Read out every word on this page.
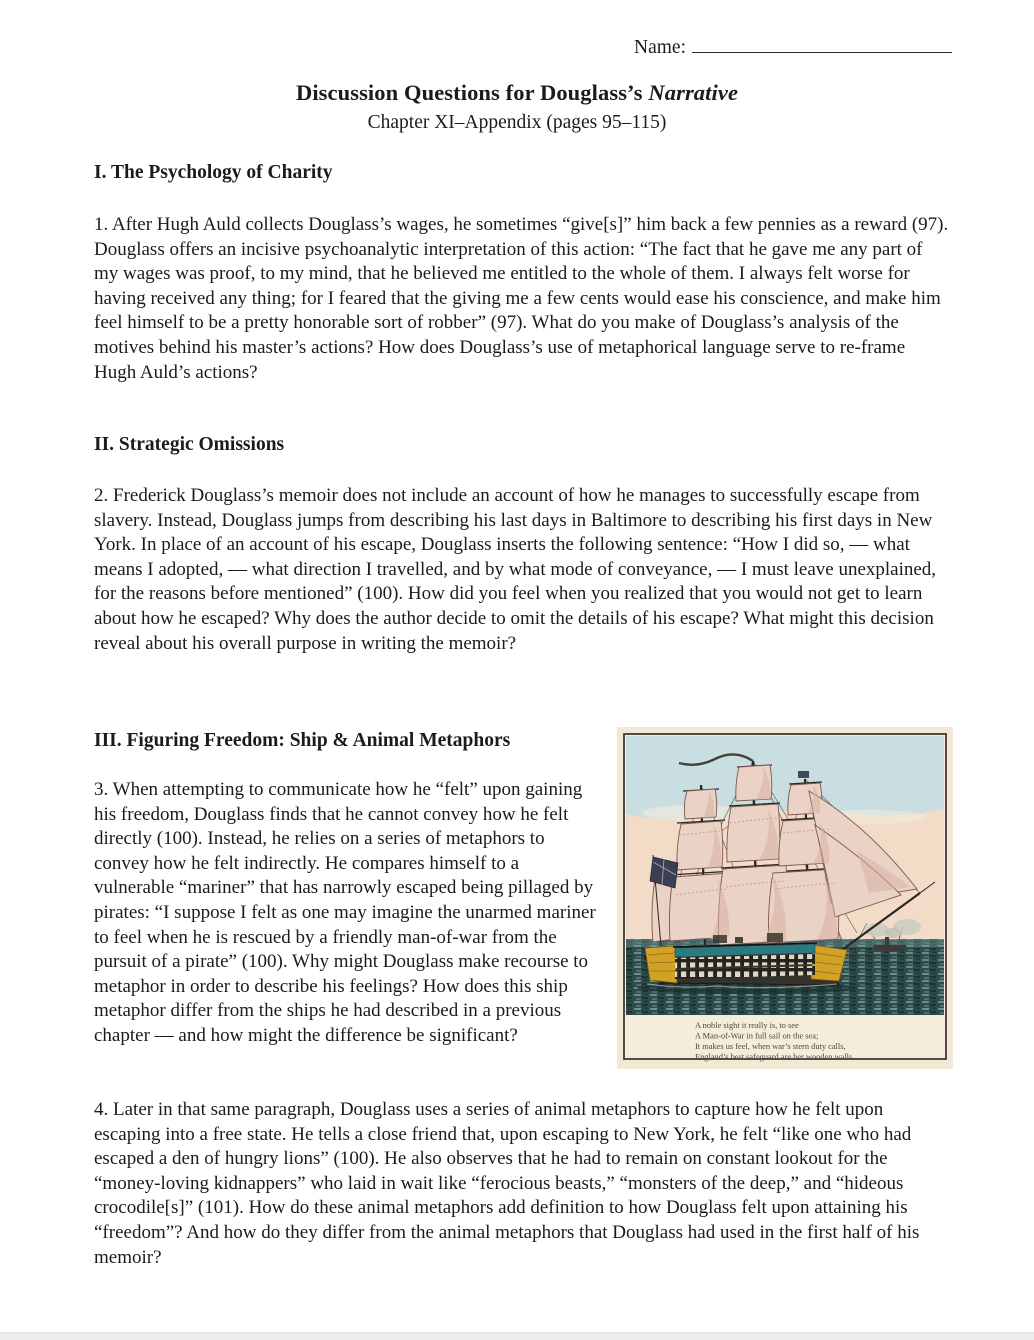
Name:
Discussion Questions for Douglass’s Narrative
Chapter XI–Appendix (pages 95–115)
I. The Psychology of Charity

1. After Hugh Auld collects Douglass’s wages, he sometimes “give[s]” him back a few pennies as a reward (97). Douglass offers an incisive psychoanalytic interpretation of this action: “The fact that he gave me any part of my wages was proof, to my mind, that he believed me entitled to the whole of them. I always felt worse for having received any thing; for I feared that the giving me a few cents would ease his conscience, and make him feel himself to be a pretty honorable sort of robber” (97). What do you make of Douglass’s analysis of the motives behind his master’s actions? How does Douglass’s use of metaphorical language serve to re-frame Hugh Auld’s actions?

II. Strategic Omissions

2. Frederick Douglass’s memoir does not include an account of how he manages to successfully escape from slavery. Instead, Douglass jumps from describing his last days in Baltimore to describing his first days in New York. In place of an account of his escape, Douglass inserts the following sentence: “How I did so, — what means I adopted, — what direction I travelled, and by what mode of conveyance, — I must leave unexplained, for the reasons before mentioned” (100). How did you feel when you realized that you would not get to learn about how he escaped? Why does the author decide to omit the details of his escape? What might this decision reveal about his overall purpose in writing the memoir?

III. Figuring Freedom: Ship & Animal Metaphors

3. When attempting to communicate how he “felt” upon gaining his freedom, Douglass finds that he cannot convey how he felt directly (100). Instead, he relies on a series of metaphors to convey how he felt indirectly. He compares himself to a vulnerable “mariner” that has narrowly escaped being pillaged by pirates: “I suppose I felt as one may imagine the unarmed mariner to feel when he is rescued by a friendly man-of-war from the pursuit of a pirate” (100). Why might Douglass make recourse to metaphor in order to describe his feelings? How does this ship metaphor differ from the ships he had described in a previous chapter — and how might the difference be significant?	A noble sight it really is, to see
A Man-of-War in full sail on the sea;
It makes us feel, when war’s stern duty calls,
England’s best safeguard are her wooden walls.

4. Later in that same paragraph, Douglass uses a series of animal metaphors to capture how he felt upon escaping into a free state. He tells a close friend that, upon escaping to New York, he felt “like one who had escaped a den of hungry lions” (100). He also observes that he had to remain on constant lookout for the “money-loving kidnappers” who laid in wait like “ferocious beasts,” “monsters of the deep,” and “hideous crocodile[s]” (101). How do these animal metaphors add definition to how Douglass felt upon attaining his “freedom”? And how do they differ from the animal metaphors that Douglass had used in the first half of his memoir?
